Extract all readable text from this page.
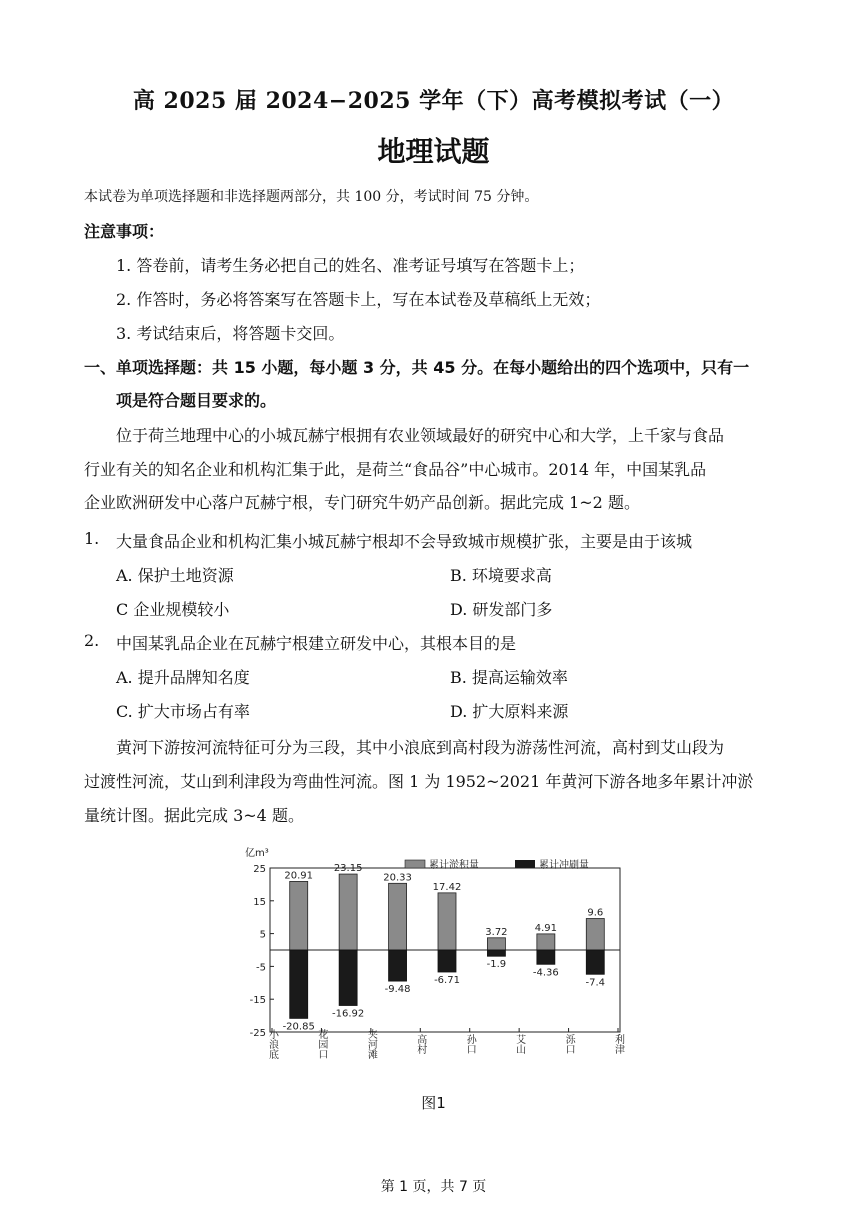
高 2025 届 2024−2025 学年（下）高考模拟考试（一）
地理试题
本试卷为单项选择题和非选择题两部分，共 100 分，考试时间 75 分钟。
注意事项：
1. 答卷前，请考生务必把自己的姓名、准考证号填写在答题卡上；
2. 作答时，务必将答案写在答题卡上，写在本试卷及草稿纸上无效；
3. 考试结束后，将答题卡交回。
一、单项选择题：共 15 小题，每小题 3 分，共 45 分。在每小题给出的四个选项中，只有一
项是符合题目要求的。
位于荷兰地理中心的小城瓦赫宁根拥有农业领域最好的研究中心和大学，上千家与食品
行业有关的知名企业和机构汇集于此，是荷兰“食品谷”中心城市。2014 年，中国某乳品
企业欧洲研发中心落户瓦赫宁根，专门研究牛奶产品创新。据此完成 1~2 题。
1. 大量食品企业和机构汇集小城瓦赫宁根却不会导致城市规模扩张，主要是由于该城
A. 保护土地资源	B. 环境要求高
C 企业规模较小	D. 研发部门多
2. 中国某乳品企业在瓦赫宁根建立研发中心，其根本目的是
A. 提升品牌知名度	B. 提高运输效率
C. 扩大市场占有率	D. 扩大原料来源
黄河下游按河流特征可分为三段，其中小浪底到高村段为游荡性河流，高村到艾山段为
过渡性河流，艾山到利津段为弯曲性河流。图 1 为 1952~2021 年黄河下游各地多年累计冲淤
量统计图。据此完成 3~4 题。
25
15
5
-5
-15
-25
亿m³
小浪底	花园口	夹河滩	高村	孙口	艾山	泺口	利津
20.91
-20.85
23.15
-16.92
20.33
-9.48
17.42
-6.71
3.72
-1.9
4.91
-4.36
9.6
-7.4
累计淤积量	累计冲刷量
图1
第 1 页，共 7 页
